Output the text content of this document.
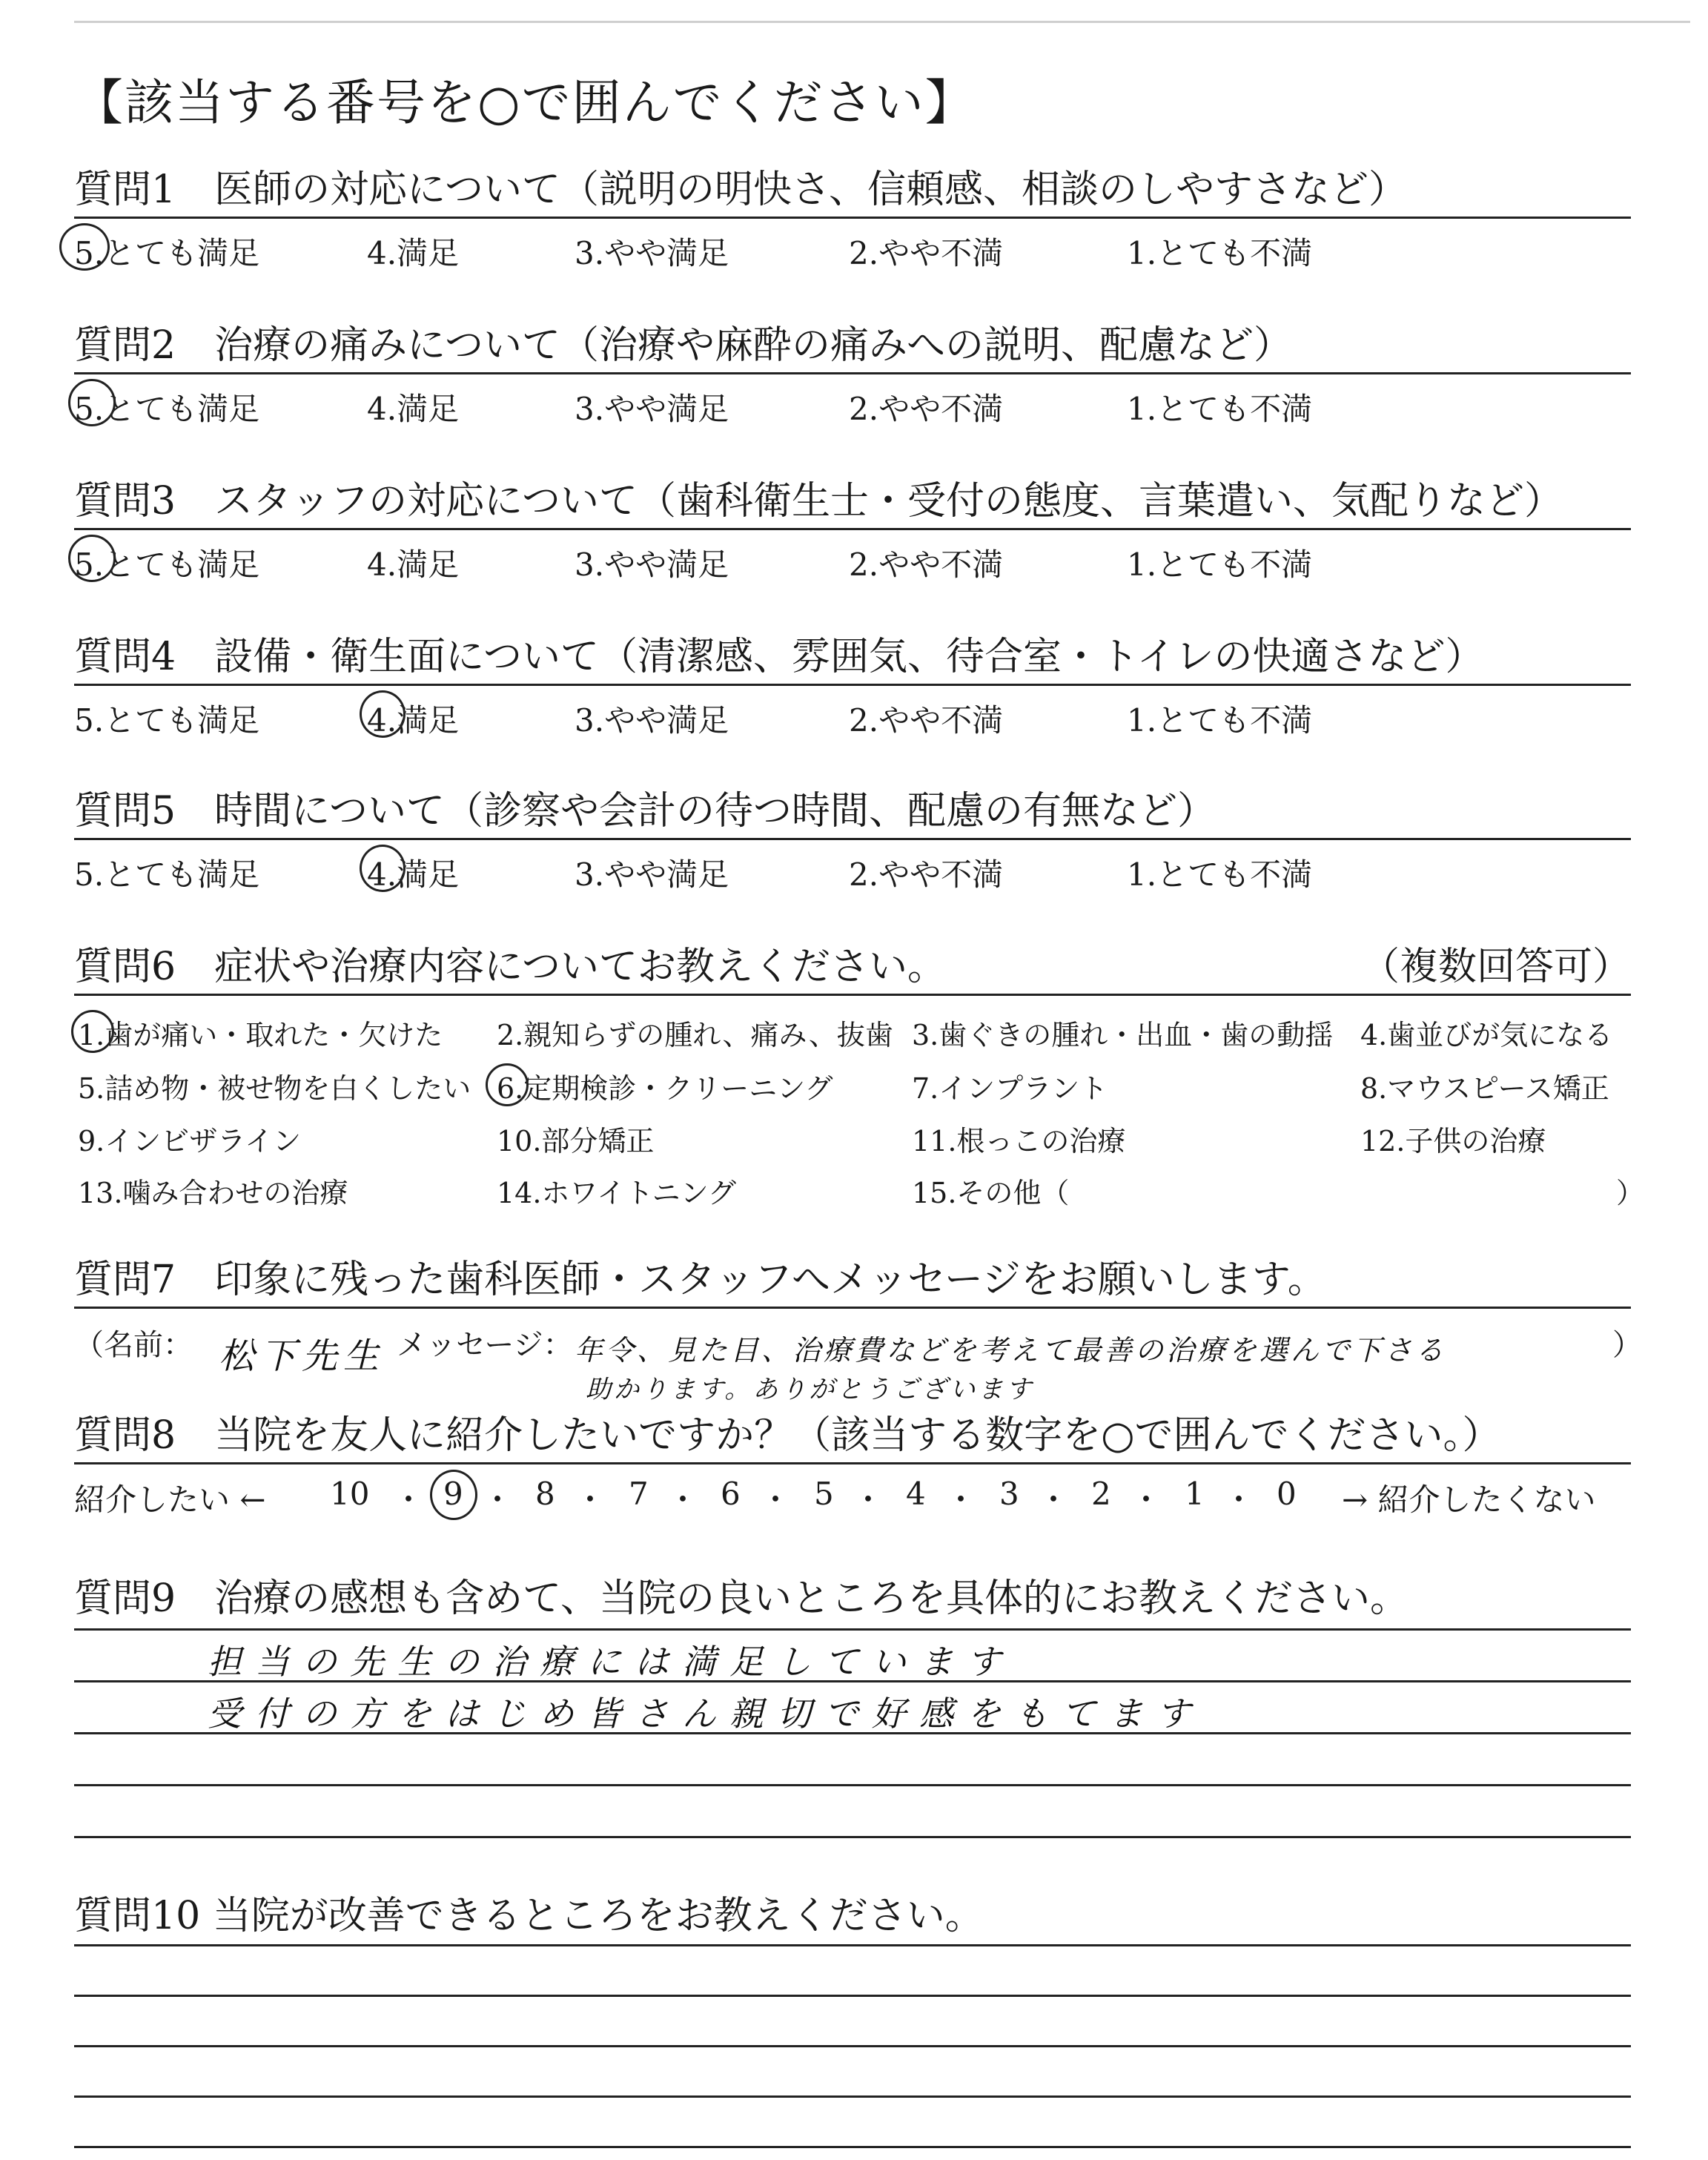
【該当する番号を○で囲んでください】
質問1　医師の対応について（説明の明快さ、信頼感、相談のしやすさなど）
5.とても満足	4.満足	3.やや満足	2.やや不満	1.とても不満
質問2　治療の痛みについて（治療や麻酔の痛みへの説明、配慮など）
5.とても満足	4.満足	3.やや満足	2.やや不満	1.とても不満
質問3　スタッフの対応について（歯科衛生士・受付の態度、言葉遣い、気配りなど）
5.とても満足	4.満足	3.やや満足	2.やや不満	1.とても不満
質問4　設備・衛生面について（清潔感、雰囲気、待合室・トイレの快適さなど）
5.とても満足	4.満足	3.やや満足	2.やや不満	1.とても不満
質問5　時間について（診察や会計の待つ時間、配慮の有無など）
5.とても満足	4.満足	3.やや満足	2.やや不満	1.とても不満
質問6　症状や治療内容についてお教えください。	（複数回答可）
1.歯が痛い・取れた・欠けた 2.親知らずの腫れ、痛み、抜歯 3.歯ぐきの腫れ・出血・歯の動揺 4.歯並びが気になる
5.詰め物・被せ物を白くしたい 6.定期検診・クリーニング	7.インプラント	8.マウスピース矯正
9.インビザライン	10.部分矯正	11.根っこの治療	12.子供の治療
13.噛み合わせの治療	14.ホワイトニング	15.その他（	）
質問7　印象に残った歯科医師・スタッフへメッセージをお願いします。
（名前： 松下先生 メッセージ： 年令、見た目、治療費などを考えて最善の治療を選んで下さる
助かります。ありがとうございます
）
質問8　当院を友人に紹介したいですか？（該当する数字を○で囲んでください。）
紹介したい ← 10 ・ 9 ・ 8 ・ 7 ・ 6 ・ 5 ・ 4 ・ 3 ・ 2 ・ 1 ・ 0 → 紹介したくない
質問9　治療の感想も含めて、当院の良いところを具体的にお教えください。
担当の先生の治療には満足しています
受付の方をはじめ皆さん親切で好感をもてます
質問10 当院が改善できるところをお教えください。
